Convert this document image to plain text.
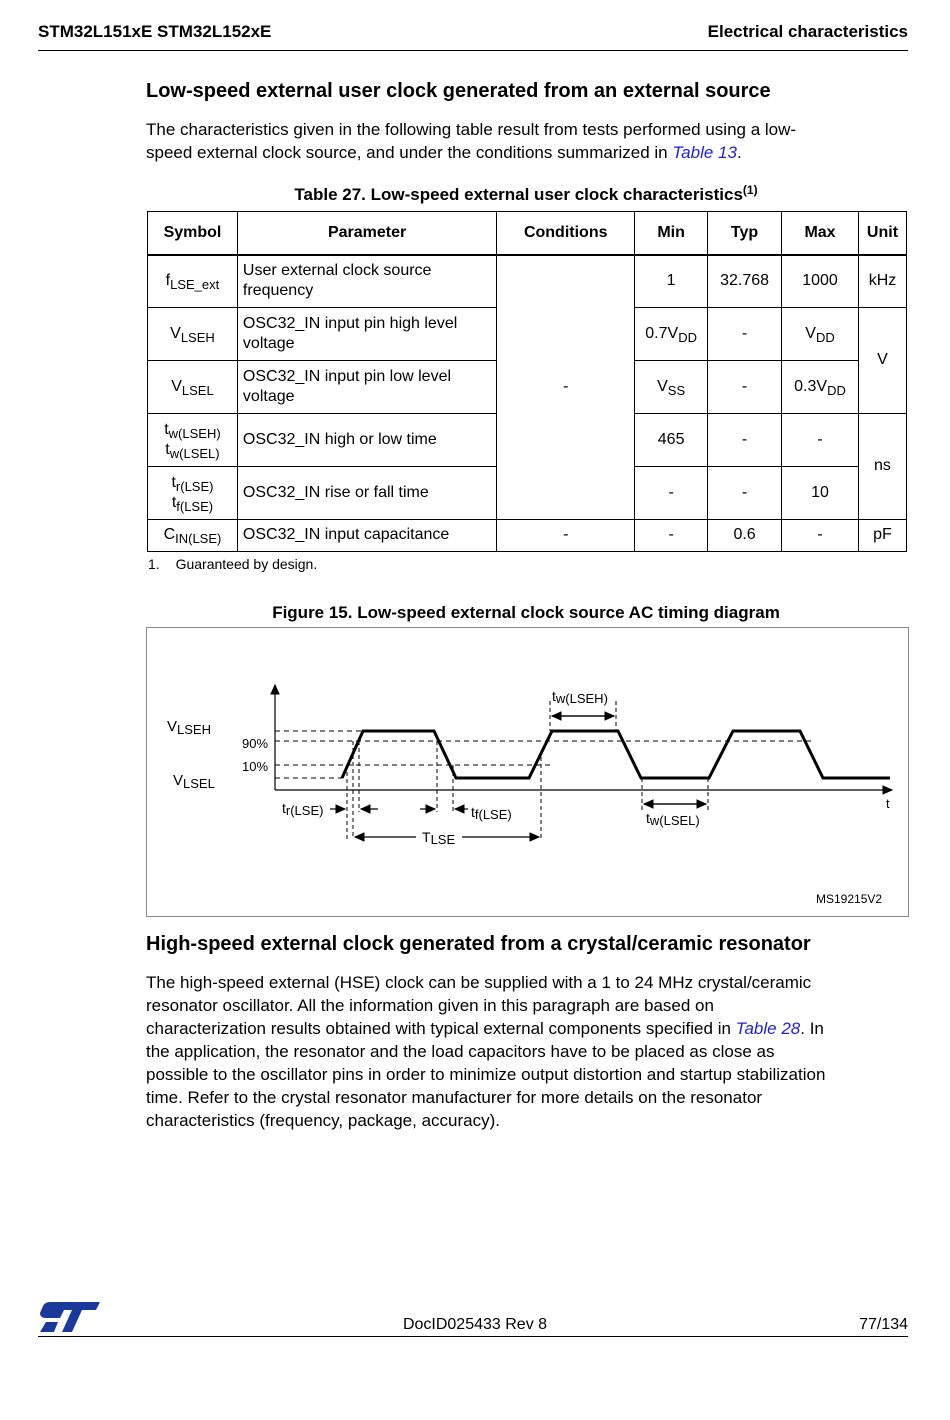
STM32L151xE STM32L152xE	Electrical characteristics
Low-speed external user clock generated from an external source
The characteristics given in the following table result from tests performed using a low-
speed external clock source, and under the conditions summarized in Table 13.
Table 27. Low-speed external user clock characteristics$^{(1)}$
Symbol	Parameter	Conditions	Min	Typ	Max	Unit
$f_{LSE\_ext}$	User external clock source
frequency	-	1	32.768	1000	kHz
$V_{LSEH}$	OSC32_IN input pin high level
voltage		$0.7V_{DD}$	-	$V_{DD}$	V
$V_{LSEL}$	OSC32_IN input pin low level
voltage		$V_{SS}$	-	$0.3V_{DD}$

$t_{w(LSEH)}$
$t_{w(LSEL)}$	OSC32_IN high or low time		465	-	-	ns

$t_{r(LSE)}$
$t_{f(LSE)}$	OSC32_IN rise or fall time		-	-	10	
$C_{IN(LSE)}$	OSC32_IN input capacitance	-	-	0.6	-	pF
1. Guaranteed by design.
Figure 15. Low-speed external clock source AC timing diagram
VLSEH
VLSEL
90%
10%
tw(LSEH)
tw(LSEL)
tr(LSE)	tf(LSE)
TLSE
t
MS19215V2
High-speed external clock generated from a crystal/ceramic resonator
The high-speed external (HSE) clock can be supplied with a 1 to 24 MHz crystal/ceramic
resonator oscillator. All the information given in this paragraph are based on
characterization results obtained with typical external components specified in Table 28. In
the application, the resonator and the load capacitors have to be placed as close as
possible to the oscillator pins in order to minimize output distortion and startup stabilization
time. Refer to the crystal resonator manufacturer for more details on the resonator
characteristics (frequency, package, accuracy).
DocID025433 Rev 8	77/134
